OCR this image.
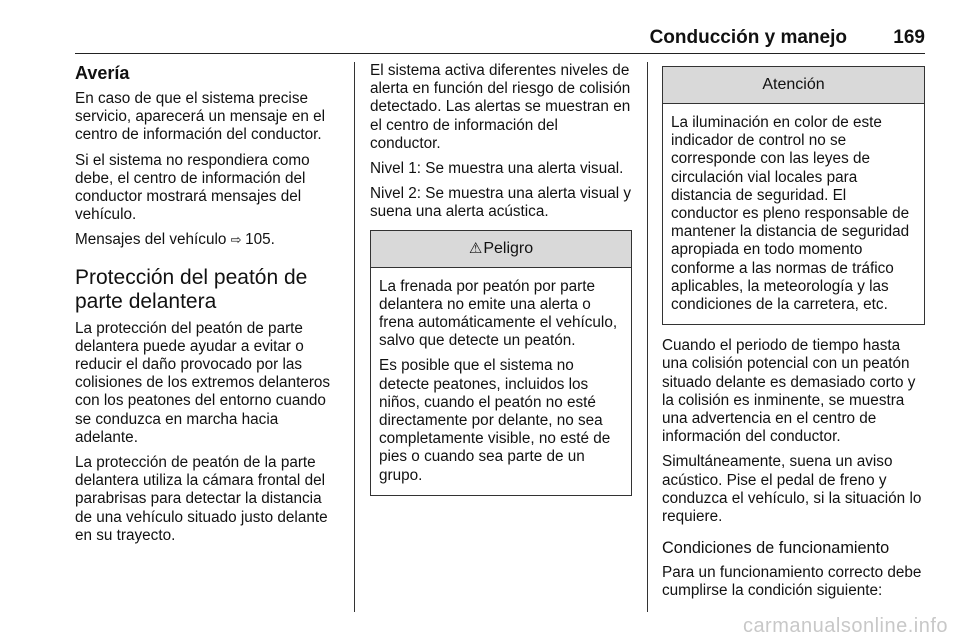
Conducción y manejo 169
Avería

En caso de que el sistema precise servicio, aparecerá un mensaje en el centro de información del conductor.

Si el sistema no respondiera como debe, el centro de información del conductor mostrará mensajes del vehículo.

Mensajes del vehículo ⇨ 105.

Protección del peatón de parte delantera

La protección del peatón de parte delantera puede ayudar a evitar o reducir el daño provocado por las colisiones de los extremos delanteros con los peatones del entorno cuando se conduzca en marcha hacia adelante.

La protección de peatón de la parte delantera utiliza la cámara frontal del parabrisas para detectar la distancia de una vehículo situado justo delante en su trayecto.

El sistema activa diferentes niveles de alerta en función del riesgo de colisión detectado. Las alertas se muestran en el centro de información del conductor.

Nivel 1: Se muestra una alerta visual.

Nivel 2: Se muestra una alerta visual y suena una alerta acústica.

⚠Peligro

La frenada por peatón por parte delantera no emite una alerta o frena automáticamente el vehículo, salvo que detecte un peatón.

Es posible que el sistema no detecte peatones, incluidos los niños, cuando el peatón no esté directamente por delante, no sea completamente visible, no esté de pies o cuando sea parte de un grupo.

Atención

La iluminación en color de este indicador de control no se corresponde con las leyes de circulación vial locales para distancia de seguridad. El conductor es pleno responsable de mantener la distancia de seguridad apropiada en todo momento conforme a las normas de tráfico aplicables, la meteorología y las condiciones de la carretera, etc.

Cuando el periodo de tiempo hasta una colisión potencial con un peatón situado delante es demasiado corto y la colisión es inminente, se muestra una advertencia en el centro de información del conductor.

Simultáneamente, suena un aviso acústico. Pise el pedal de freno y conduzca el vehículo, si la situación lo requiere.

Condiciones de funcionamiento

Para un funcionamiento correcto debe cumplirse la condición siguiente:

carmanualsonline.info
